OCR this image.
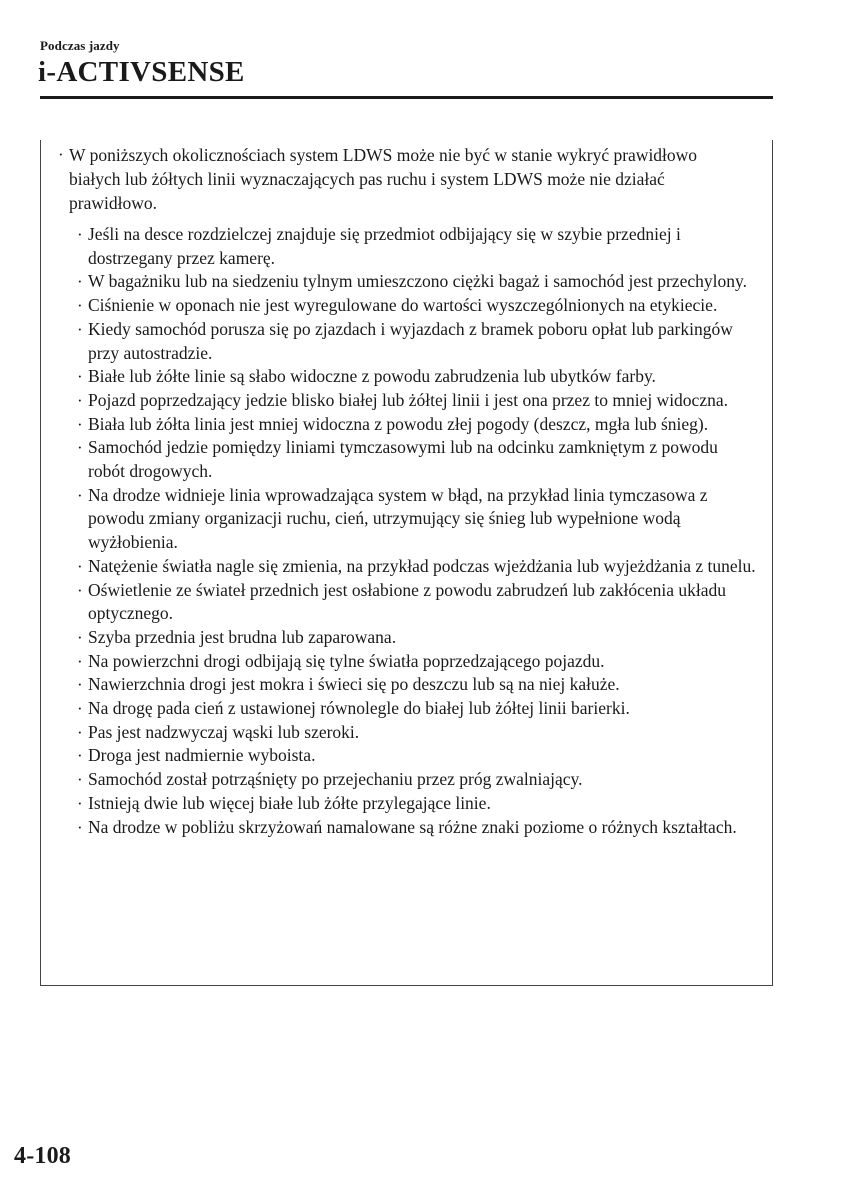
Podczas jazdy
i-ACTIVSENSE
· W poniższych okolicznościach system LDWS może nie być w stanie wykryć prawidłowo białych lub żółtych linii wyznaczających pas ruchu i system LDWS może nie działać prawidłowo.
· Jeśli na desce rozdzielczej znajduje się przedmiot odbijający się w szybie przedniej i dostrzegany przez kamerę.
· W bagażniku lub na siedzeniu tylnym umieszczono ciężki bagaż i samochód jest przechylony.
· Ciśnienie w oponach nie jest wyregulowane do wartości wyszczególnionych na etykiecie.
· Kiedy samochód porusza się po zjazdach i wyjazdach z bramek poboru opłat lub parkingów przy autostradzie.
· Białe lub żółte linie są słabo widoczne z powodu zabrudzenia lub ubytków farby.
· Pojazd poprzedzający jedzie blisko białej lub żółtej linii i jest ona przez to mniej widoczna.
· Biała lub żółta linia jest mniej widoczna z powodu złej pogody (deszcz, mgła lub śnieg).
· Samochód jedzie pomiędzy liniami tymczasowymi lub na odcinku zamkniętym z powodu robót drogowych.
· Na drodze widnieje linia wprowadzająca system w błąd, na przykład linia tymczasowa z powodu zmiany organizacji ruchu, cień, utrzymujący się śnieg lub wypełnione wodą wyżłobienia.
· Natężenie światła nagle się zmienia, na przykład podczas wjeżdżania lub wyjeżdżania z tunelu.
· Oświetlenie ze świateł przednich jest osłabione z powodu zabrudzeń lub zakłócenia układu optycznego.
· Szyba przednia jest brudna lub zaparowana.
· Na powierzchni drogi odbijają się tylne światła poprzedzającego pojazdu.
· Nawierzchnia drogi jest mokra i świeci się po deszczu lub są na niej kałuże.
· Na drogę pada cień z ustawionej równolegle do białej lub żółtej linii barierki.
· Pas jest nadzwyczaj wąski lub szeroki.
· Droga jest nadmiernie wyboista.
· Samochód został potrząśnięty po przejechaniu przez próg zwalniający.
· Istnieją dwie lub więcej białe lub żółte przylegające linie.
· Na drodze w pobliżu skrzyżowań namalowane są różne znaki poziome o różnych kształtach.
4-108
